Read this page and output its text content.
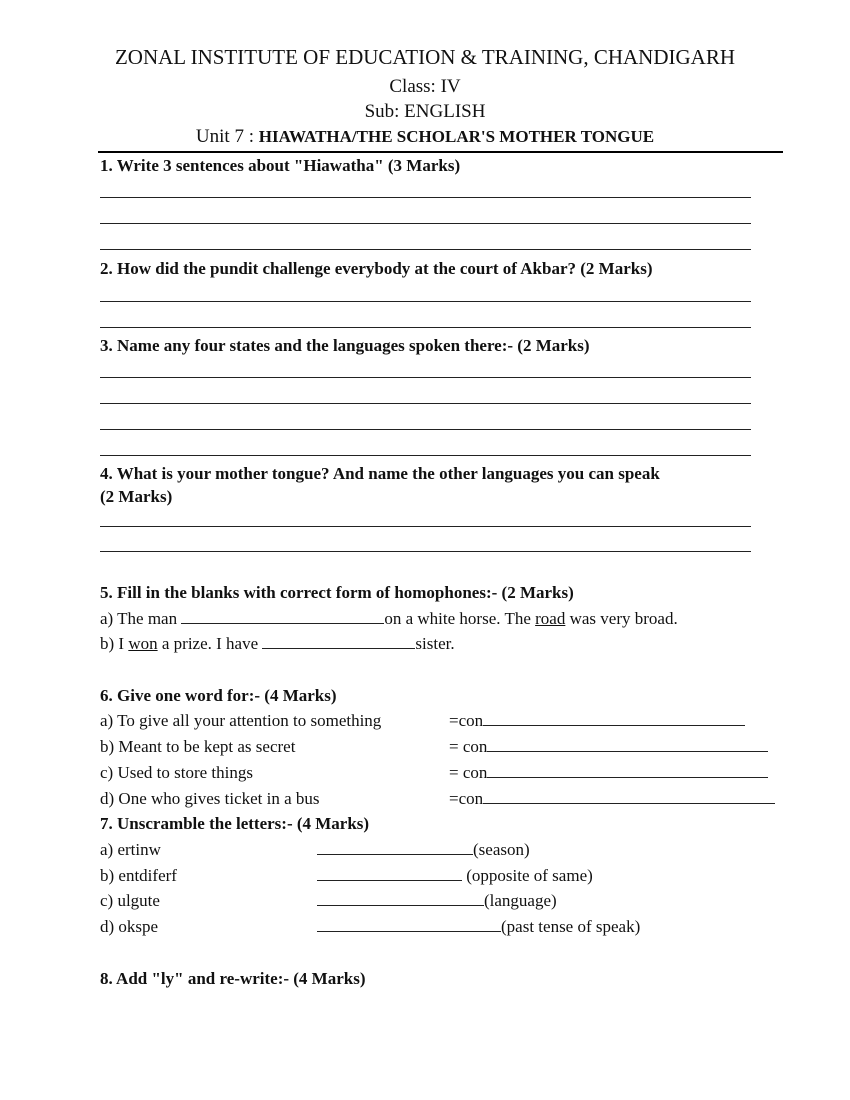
ZONAL INSTITUTE OF EDUCATION & TRAINING, CHANDIGARH
Class: IV
Sub: ENGLISH
Unit 7 : HIAWATHA/THE SCHOLAR'S MOTHER TONGUE
1. Write 3 sentences about "Hiawatha" (3 Marks)
2. How did the pundit challenge everybody at the court of Akbar? (2 Marks)
3. Name any four states and the languages spoken there:- (2 Marks)
4. What is your mother tongue? And name the other languages you can speak
(2 Marks)
5. Fill in the blanks with correct form of homophones:- (2 Marks)
a) The man	on a white horse. The road was very broad.
b) I won a prize. I have	sister.
6. Give one word for:- (4 Marks)
a) To give all your attention to something	=con
b) Meant to be kept as secret	= con
c) Used to store things	= con
d) One who gives ticket in a bus	=con
7. Unscramble the letters:- (4 Marks)
a) ertinw	(season)
b) entdiferf	(opposite of same)
c) ulgute	(language)
d) okspe	(past tense of speak)
8. Add "ly" and re-write:- (4 Marks)
